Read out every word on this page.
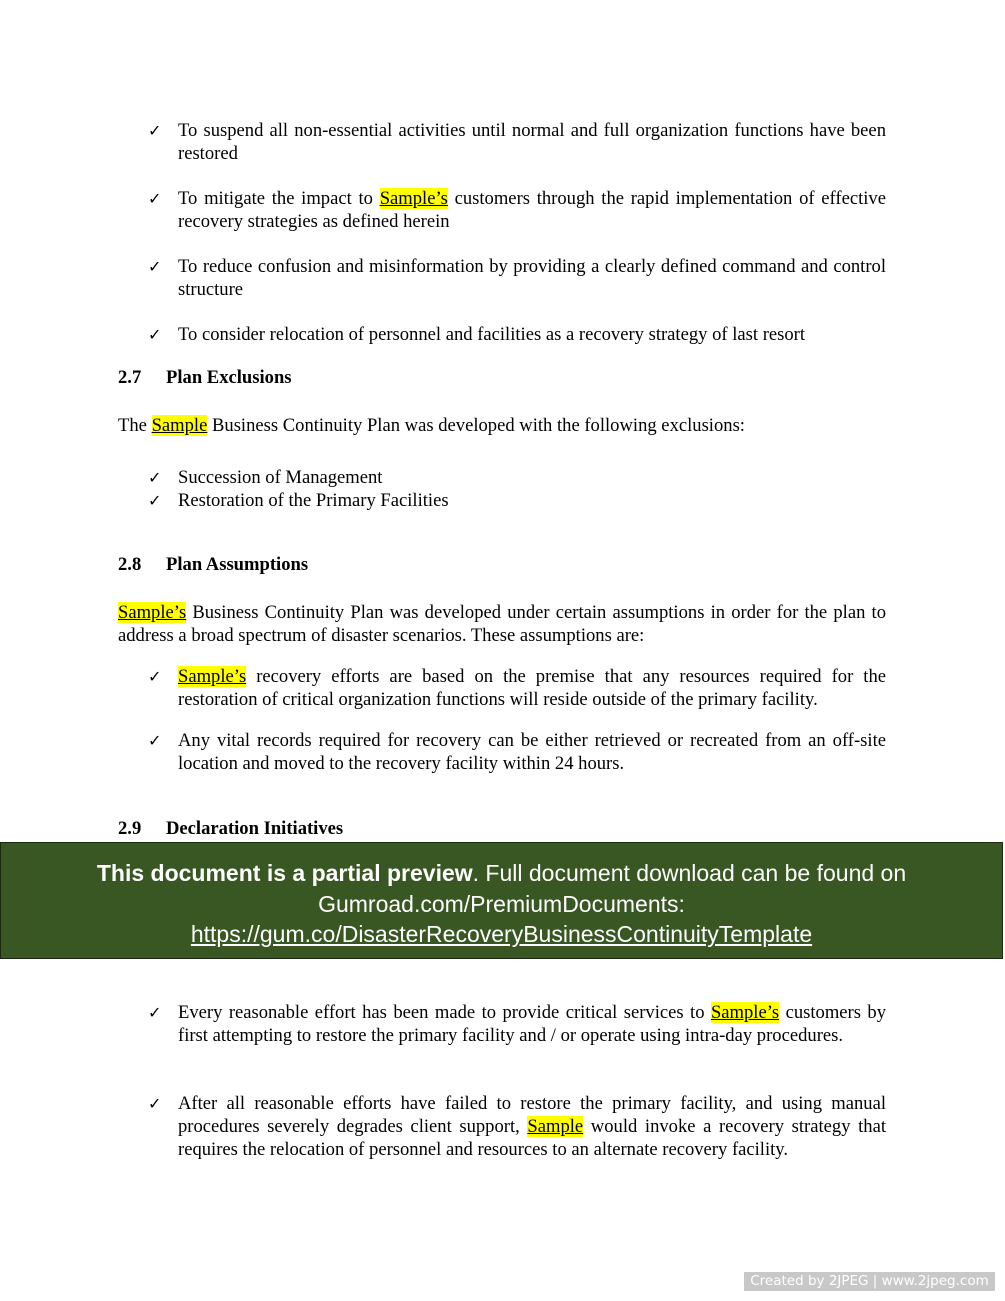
✓ To suspend all non-essential activities until normal and full organization functions have been restored
✓ To mitigate the impact to Sample’s customers through the rapid implementation of effective recovery strategies as defined herein
✓ To reduce confusion and misinformation by providing a clearly defined command and control structure
✓ To consider relocation of personnel and facilities as a recovery strategy of last resort
2.7 Plan Exclusions
The Sample Business Continuity Plan was developed with the following exclusions:
✓ Succession of Management
✓ Restoration of the Primary Facilities
2.8 Plan Assumptions
Sample’s Business Continuity Plan was developed under certain assumptions in order for the plan to address a broad spectrum of disaster scenarios. These assumptions are:
✓ Sample’s recovery efforts are based on the premise that any resources required for the restoration of critical organization functions will reside outside of the primary facility.
✓ Any vital records required for recovery can be either retrieved or recreated from an off-site location and moved to the recovery facility within 24 hours.
2.9 Declaration Initiatives
This document is a partial preview. Full document download can be found on Gumroad.com/PremiumDocuments:
https://gum.co/DisasterRecoveryBusinessContinuityTemplate
✓ Every reasonable effort has been made to provide critical services to Sample’s customers by first attempting to restore the primary facility and / or operate using intra-day procedures.
✓ After all reasonable efforts have failed to restore the primary facility, and using manual procedures severely degrades client support, Sample would invoke a recovery strategy that requires the relocation of personnel and resources to an alternate recovery facility.
Created by 2JPEG | www.2jpeg.com
